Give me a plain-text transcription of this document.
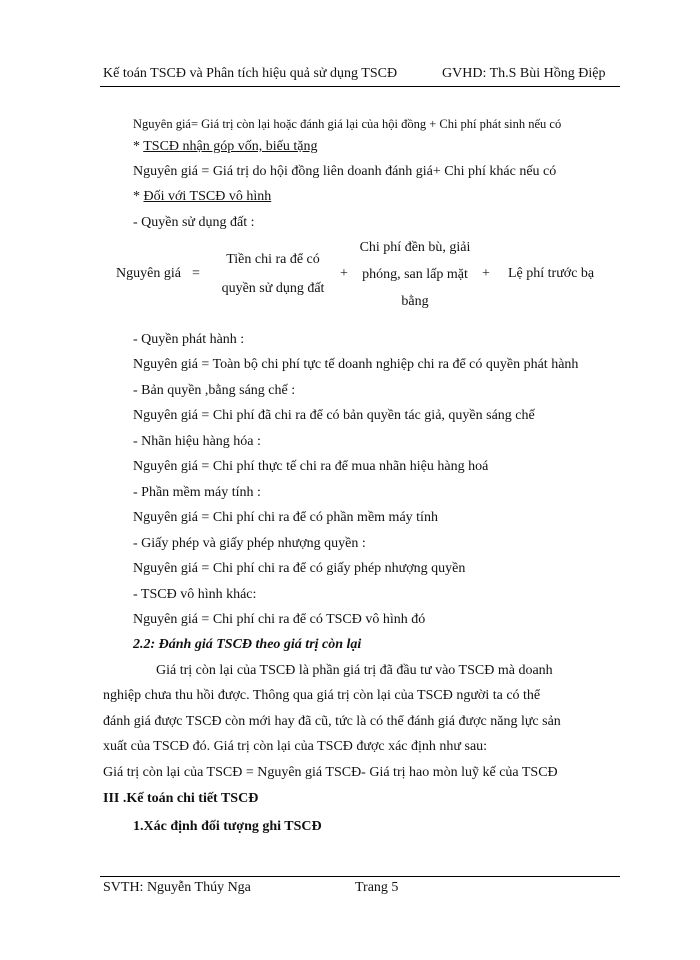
Kế toán TSCĐ và Phân tích hiệu quả sử dụng TSCĐ	GVHD: Th.S Bùi Hồng Điệp
Nguyên giá= Giá trị còn lại hoặc đánh giá lại của hội đồng + Chi phí phát sinh nếu có
* TSCĐ nhận góp vốn, biếu tặng
Nguyên giá = Giá trị do hội đồng liên doanh đánh giá+ Chi phí khác nếu có
* Đối với TSCĐ vô hình
- Quyền sử dụng đất :
Nguyên giá =
Tiền chi ra để có
quyền sử dụng đất
+
Chi phí đền bù, giải
phóng, san lấp mặt
bằng
+ Lệ phí trước bạ
- Quyền phát hành :
Nguyên giá = Toàn bộ chi phí tực tế doanh nghiệp chi ra để có quyền phát hành
- Bản quyền ,bằng sáng chế :
Nguyên giá = Chi phí đã chi ra để có bản quyền tác giả, quyền sáng chế
- Nhãn hiệu hàng hóa :
Nguyên giá = Chi phí thực tế chi ra để mua nhãn hiệu hàng hoá
- Phần mềm máy tính :
Nguyên giá = Chi phí chi ra để có phần mềm máy tính
- Giấy phép và giấy phép nhượng quyền :
Nguyên giá = Chi phí chi ra để có giấy phép nhượng quyền
- TSCĐ vô hình khác:
Nguyên giá = Chi phí chi ra để có TSCĐ vô hình đó
2.2: Đánh giá TSCĐ theo giá trị còn lại
Giá trị còn lại của TSCĐ là phần giá trị đã đầu tư vào TSCĐ mà doanh
nghiệp chưa thu hồi được. Thông qua giá trị còn lại của TSCĐ người ta có thể
đánh giá được TSCĐ còn mới hay đã cũ, tức là có thể đánh giá được năng lực sản
xuất của TSCĐ đó. Giá trị còn lại của TSCĐ được xác định như sau:
Giá trị còn lại của TSCĐ = Nguyên giá TSCĐ- Giá trị hao mòn luỹ kế của TSCĐ
III .Kế toán chi tiết TSCĐ
1.Xác định đối tượng ghi TSCĐ
SVTH: Nguyễn Thúy Nga	Trang 5
